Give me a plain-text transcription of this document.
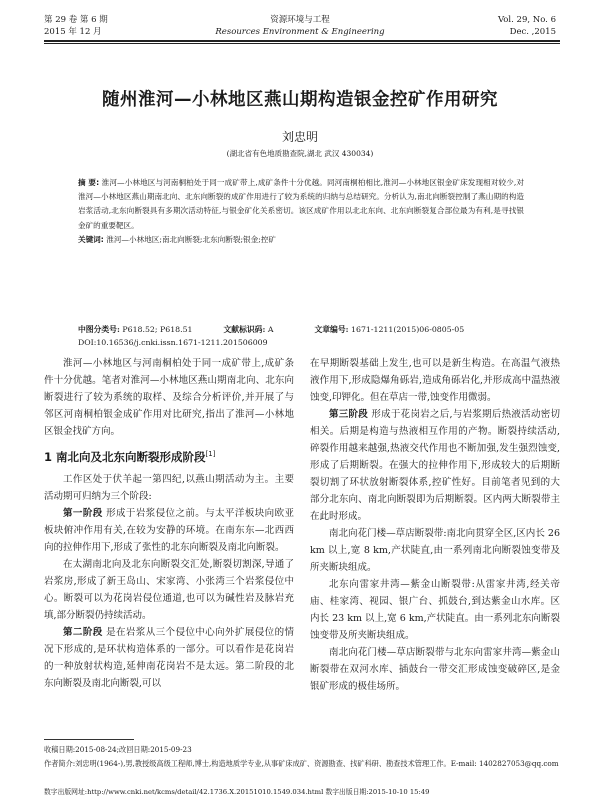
第 29 卷 第 6 期
2015 年 12 月
资源环境与工程
Resources Environment & Engineering
Vol. 29, No. 6
Dec. ,2015
随州淮河—小林地区燕山期构造银金控矿作用研究
刘忠明
(湖北省有色地质勘查院,湖北 武汉 430034)
摘 要: 淮河—小林地区与河南桐柏处于同一成矿带上,成矿条件十分优越。同河南桐柏相比,淮河—小林地区银金矿床发现相对较少,对淮河—小林地区燕山期南北向、北东向断裂的成矿作用进行了较为系统的归纳与总结研究。分析认为,南北向断裂控制了燕山期的构造岩浆活动,北东向断裂具有多期次活动特征,与银金矿化关系密切。该区成矿作用以北北东向、北东向断裂复合部位最为有利,是寻找银金矿的重要靶区。
关键词: 淮河—小林地区;南北向断裂;北东向断裂;银金;控矿
中图分类号: P618.52; P618.51	文献标识码: A	文章编号: 1671-1211(2015)06-0805-05
DOI:10.16536/j.cnki.issn.1671-1211.201506009

淮河—小林地区与河南桐柏处于同一成矿带上,成矿条件十分优越。笔者对淮河—小林地区燕山期南北向、北东向断裂进行了较为系统的取样、及综合分析评价,并开展了与邻区河南桐柏银金成矿作用对比研究,指出了淮河—小林地区银金找矿方向。

1 南北向及北东向断裂形成阶段[1]

工作区处于伏羊起一第四纪,以燕山期活动为主。主要活动期可归纳为三个阶段:

第一阶段 形成于岩浆侵位之前。与太平洋板块向欧亚板块俯冲作用有关,在较为安静的环境。在南东东—北西西向的拉伸作用下,形成了张性的北东向断裂及南北向断裂。

在太湖南北向及北东向断裂交汇处,断裂切割深,导通了岩浆房,形成了新王岛山、宋家湾、小张湾三个岩浆侵位中心。断裂可以为花岗岩侵位通道,也可以为碱性岩及脉岩充填,部分断裂仍持续活动。

第二阶段 是在岩浆从三个侵位中心向外扩展侵位的情况下形成的,是环状构造体系的一部分。可以看作是花岗岩的一种放射状构造,延伸南花岗岩不是太远。第二阶段的北东向断裂及南北向断裂,可以

在早期断裂基础上发生,也可以是新生构造。在高温气液热液作用下,形成隐爆角砾岩,造成角砾岩化,并形成高中温热液蚀变,印钾化。但在草店一带,蚀变作用微弱。

第三阶段 形成于花岗岩之后,与岩浆期后热液活动密切相关。后期是构造与热液相互作用的产物。断裂持续活动,碎裂作用越来越强,热液交代作用也不断加强,发生强烈蚀变,形成了后期断裂。在强大的拉伸作用下,形成较大的后期断裂切割了环状放射断裂体系,控矿性好。目前笔者见到的大部分北东向、南北向断裂即为后期断裂。区内两大断裂带主在此时形成。

南北向花门楼—草店断裂带:南北向贯穿全区,区内长 26 km 以上,宽 8 km,产状陡直,由一系列南北向断裂蚀变带及所夹断块组成。

北东向雷家井湾—紫金山断裂带:从雷家井湾,经关帝庙、桂家湾、视园、银广台、抓鼓台,到达紫金山水库。区内长 23 km 以上,宽 6 km,产状陡直。由一系列北东向断裂蚀变带及所夹断块组成。

南北向花门楼—草店断裂带与北东向雷家井湾—紫金山断裂带在双河水库、插鼓台一带交汇形成蚀变破碎区,是金银矿形成的极佳场所。

收稿日期:2015-08-24;改回日期:2015-09-23
作者简介:刘忠明(1964-),男,教授级高级工程师,博士,构造地质学专业,从事矿床成矿、资源勘查、找矿科研、勘查技术管理工作。E-mail: 1402827053@qq.com
数字出版网址:http://www.cnki.net/kcms/detail/42.1736.X.20151010.1549.034.html 数字出版日期:2015-10-10 15:49
